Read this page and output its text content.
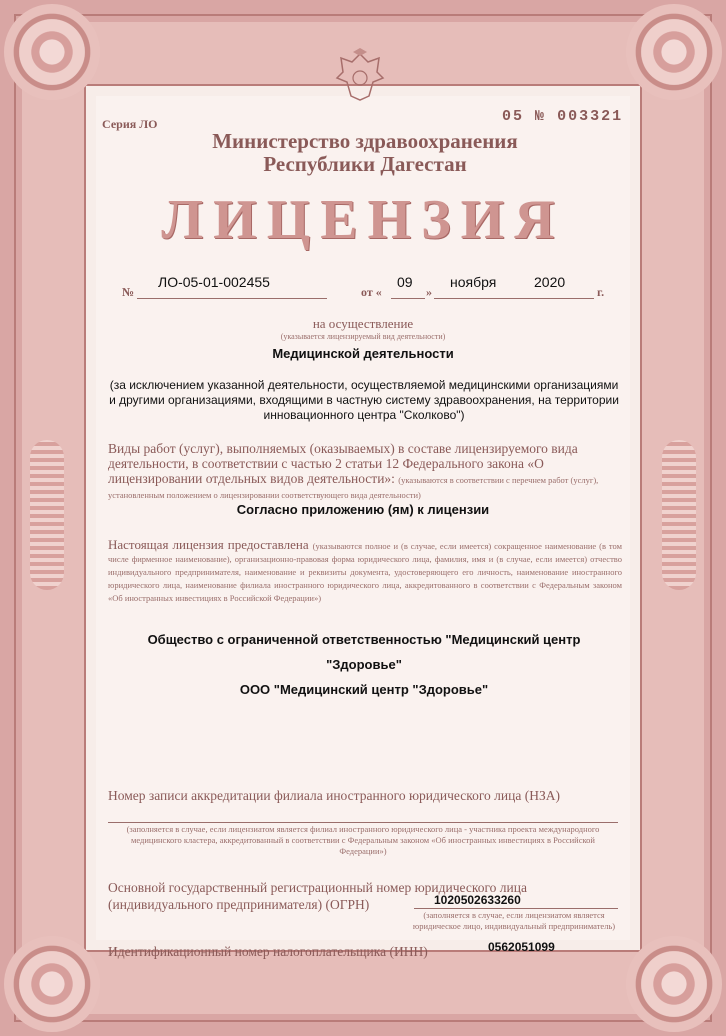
Серия ЛО	05 № 003321
Министерство здравоохранения
Республики Дагестан
ЛИЦЕНЗИЯ
№
ЛО-05-01-002455
от «
09
»
ноября	2020
г.
на осуществление
(указывается лицензируемый вид деятельности)
Медицинской деятельности
(за исключением указанной деятельности, осуществляемой медицинскими организациями и другими организациями, входящими в частную систему здравоохранения, на территории инновационного центра "Сколково")
Виды работ (услуг), выполняемых (оказываемых) в составе лицензируемого вида деятельности, в соответствии с частью 2 статьи 12 Федерального закона «О лицензировании отдельных видов деятельности»: (указываются в соответствии с перечнем работ (услуг), установленным положением о лицензировании соответствующего вида деятельности)
Согласно приложению (ям) к лицензии
Настоящая лицензия предоставлена (указываются полное и (в случае, если имеется) сокращенное наименование (в том числе фирменное наименование), организационно-правовая форма юридического лица, фамилия, имя и (в случае, если имеется) отчество индивидуального предпринимателя, наименование и реквизиты документа, удостоверяющего его личность, наименование иностранного юридического лица, наименование филиала иностранного юридического лица, аккредитованного в соответствии с Федеральным законом «Об иностранных инвестициях в Российской Федерации»)
Общество с ограниченной ответственностью "Медицинский центр
"Здоровье"
ООО "Медицинский центр "Здоровье"
Номер записи аккредитации филиала иностранного юридического лица (НЗА)
(заполняется в случае, если лицензиатом является филиал иностранного юридического лица - участника проекта международного медицинского кластера, аккредитованный в соответствии с Федеральным законом «Об иностранных инвестициях в Российской Федерации»)
Основной государственный регистрационный номер юридического лица
(индивидуального предпринимателя) (ОГРН)	1020502633260
(заполняется в случае, если лицензиатом является юридическое лицо, индивидуальный предприниматель)
Идентификационный номер налогоплательщика (ИНН)	0562051099
